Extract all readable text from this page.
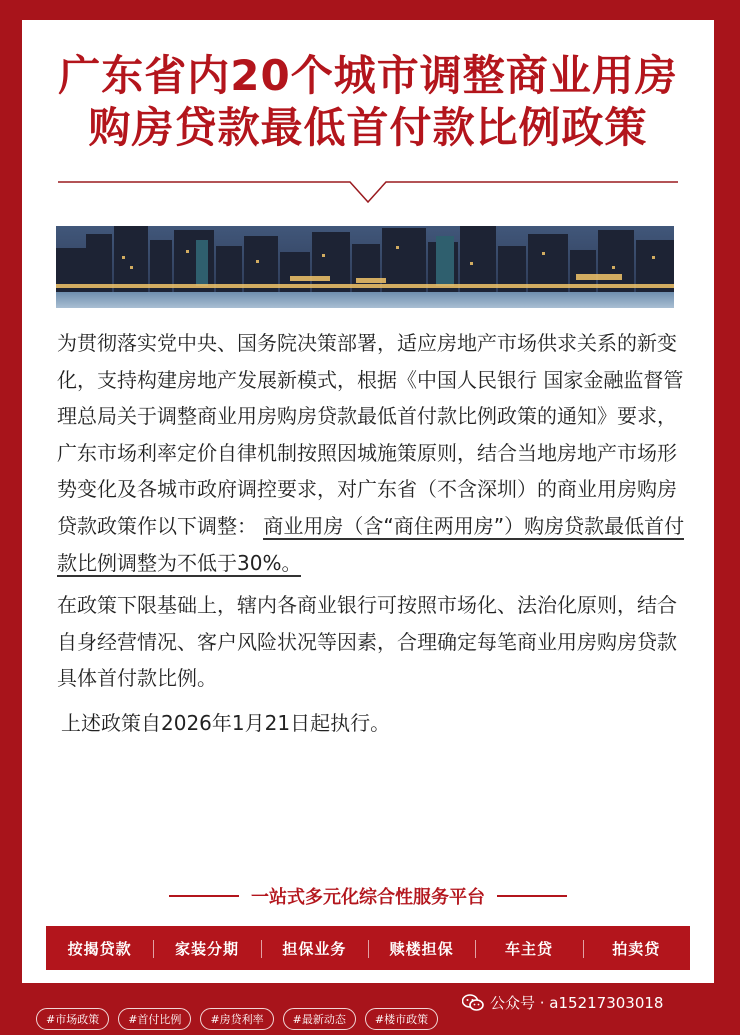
广东省内20个城市调整商业用房
购房贷款最低首付款比例政策

为贯彻落实党中央、国务院决策部署，适应房地产市场供求关系的新变化，支持构建房地产发展新模式，根据《中国人民银行 国家金融监督管理总局关于调整商业用房购房贷款最低首付款比例政策的通知》要求，广东市场利率定价自律机制按照因城施策原则，结合当地房地产市场形势变化及各城市政府调控要求，对广东省（不含深圳）的商业用房购房贷款政策作以下调整： 商业用房（含“商住两用房”）购房贷款最低首付款比例调整为不低于30%。

在政策下限基础上，辖内各商业银行可按照市场化、法治化原则，结合自身经营情况、客户风险状况等因素，合理确定每笔商业用房购房贷款具体首付款比例。

上述政策自2026年1月21日起执行。

一站式多元化综合性服务平台
按揭贷款	家装分期	担保业务	赎楼担保	车主贷	拍卖贷
#市场政策	#首付比例	#房贷利率	#最新动态	#楼市政策
公众号 · a15217303018
